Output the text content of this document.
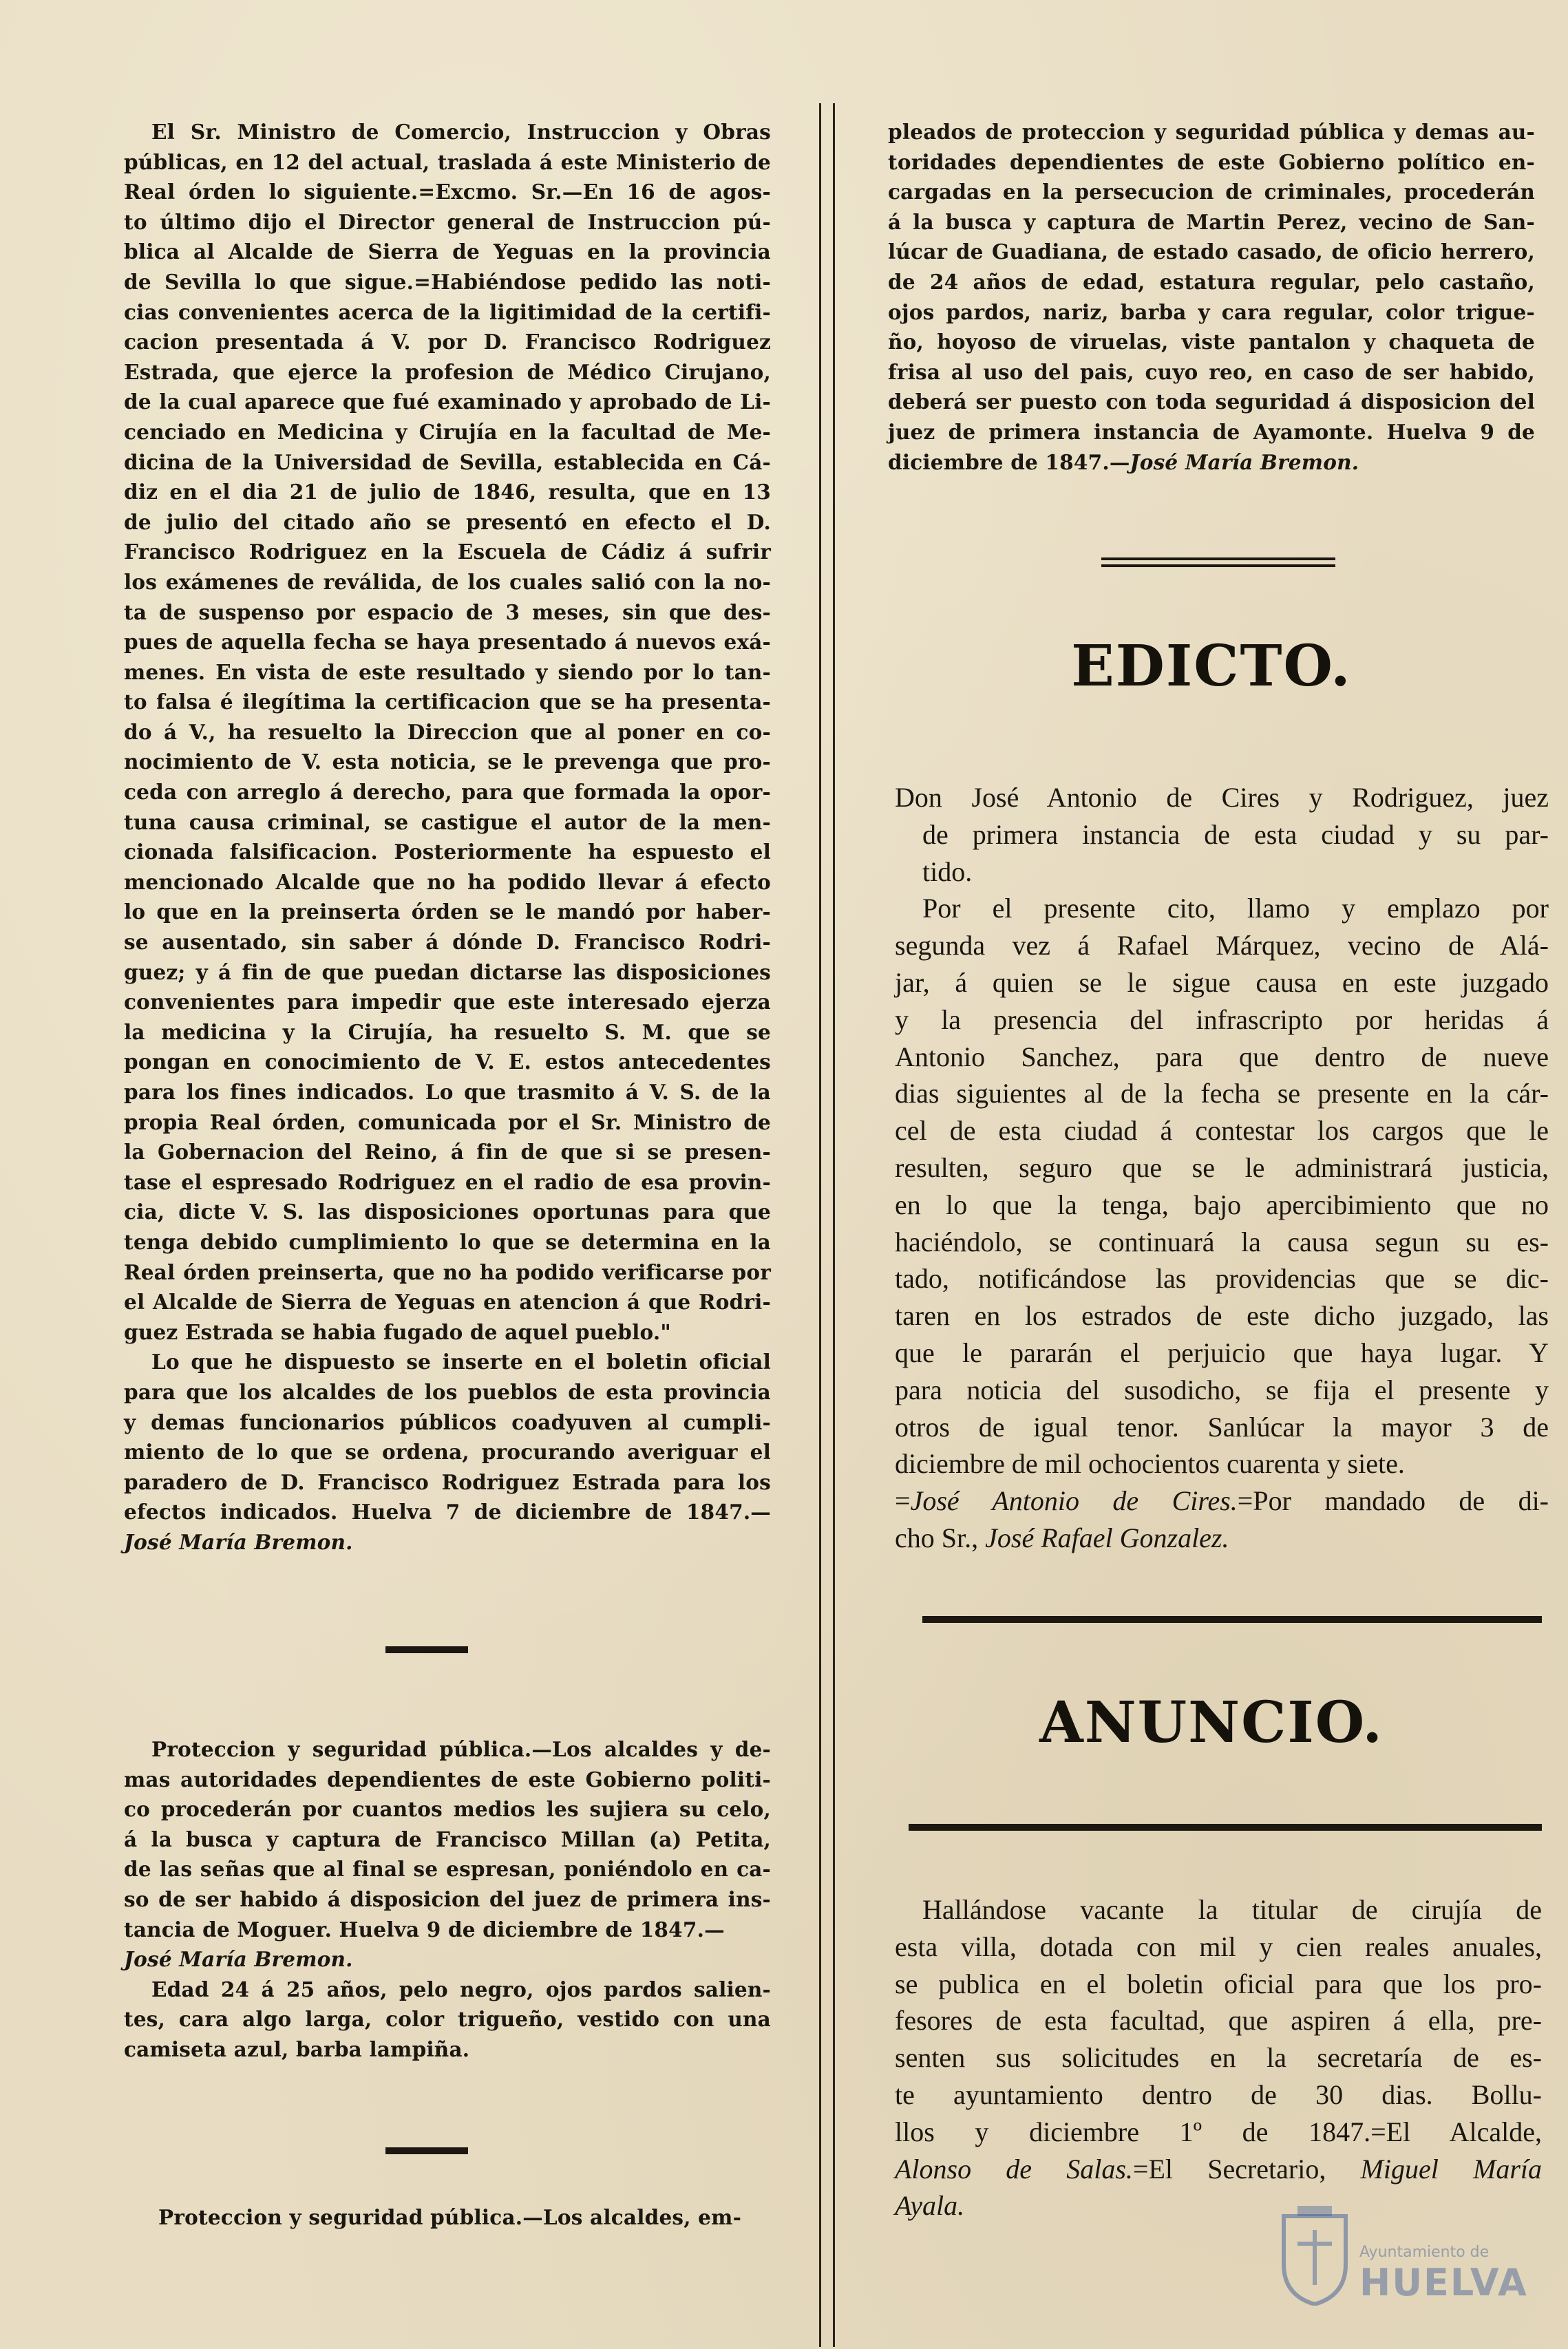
El Sr. Ministro de Comercio, Instruccion y Obras
públicas, en 12 del actual, traslada á este Ministerio de
Real órden lo siguiente.=Excmo. Sr.—En 16 de agos-
to último dijo el Director general de Instruccion pú-
blica al Alcalde de Sierra de Yeguas en la provincia
de Sevilla lo que sigue.=Habiéndose pedido las noti-
cias convenientes acerca de la ligitimidad de la certifi-
cacion presentada á V. por D. Francisco Rodriguez
Estrada, que ejerce la profesion de Médico Cirujano,
de la cual aparece que fué examinado y aprobado de Li-
cenciado en Medicina y Cirujía en la facultad de Me-
dicina de la Universidad de Sevilla, establecida en Cá-
diz en el dia 21 de julio de 1846, resulta, que en 13
de julio del citado año se presentó en efecto el D.
Francisco Rodriguez en la Escuela de Cádiz á sufrir
los exámenes de reválida, de los cuales salió con la no-
ta de suspenso por espacio de 3 meses, sin que des-
pues de aquella fecha se haya presentado á nuevos exá-
menes. En vista de este resultado y siendo por lo tan-
to falsa é ilegítima la certificacion que se ha presenta-
do á V., ha resuelto la Direccion que al poner en co-
nocimiento de V. esta noticia, se le prevenga que pro-
ceda con arreglo á derecho, para que formada la opor-
tuna causa criminal, se castigue el autor de la men-
cionada falsificacion. Posteriormente ha espuesto el
mencionado Alcalde que no ha podido llevar á efecto
lo que en la preinserta órden se le mandó por haber-
se ausentado, sin saber á dónde D. Francisco Rodri-
guez; y á fin de que puedan dictarse las disposiciones
convenientes para impedir que este interesado ejerza
la medicina y la Cirujía, ha resuelto S. M. que se
pongan en conocimiento de V. E. estos antecedentes
para los fines indicados. Lo que trasmito á V. S. de la
propia Real órden, comunicada por el Sr. Ministro de
la Gobernacion del Reino, á fin de que si se presen-
tase el espresado Rodriguez en el radio de esa provin-
cia, dicte V. S. las disposiciones oportunas para que
tenga debido cumplimiento lo que se determina en la
Real órden preinserta, que no ha podido verificarse por
el Alcalde de Sierra de Yeguas en atencion á que Rodri-
guez Estrada se habia fugado de aquel pueblo."
Lo que he dispuesto se inserte en el boletin oficial
para que los alcaldes de los pueblos de esta provincia
y demas funcionarios públicos coadyuven al cumpli-
miento de lo que se ordena, procurando averiguar el
paradero de D. Francisco Rodriguez Estrada para los
efectos indicados. Huelva 7 de diciembre de 1847.—
José María Bremon.
Proteccion y seguridad pública.—Los alcaldes y de-
mas autoridades dependientes de este Gobierno politi-
co procederán por cuantos medios les sujiera su celo,
á la busca y captura de Francisco Millan (a) Petita,
de las señas que al final se espresan, poniéndolo en ca-
so de ser habido á disposicion del juez de primera ins-
tancia de Moguer. Huelva 9 de diciembre de 1847.—
José María Bremon.
Edad 24 á 25 años, pelo negro, ojos pardos salien-
tes, cara algo larga, color trigueño, vestido con una
camiseta azul, barba lampiña.

Proteccion y seguridad pública.—Los alcaldes, em-

pleados de proteccion y seguridad pública y demas au-
toridades dependientes de este Gobierno político en-
cargadas en la persecucion de criminales, procederán
á la busca y captura de Martin Perez, vecino de San-
lúcar de Guadiana, de estado casado, de oficio herrero,
de 24 años de edad, estatura regular, pelo castaño,
ojos pardos, nariz, barba y cara regular, color trigue-
ño, hoyoso de viruelas, viste pantalon y chaqueta de
frisa al uso del pais, cuyo reo, en caso de ser habido,
deberá ser puesto con toda seguridad á disposicion del
juez de primera instancia de Ayamonte. Huelva 9 de
diciembre de 1847.—José María Bremon.
EDICTO.
Don José Antonio de Cires y Rodriguez, juez
de primera instancia de esta ciudad y su par-
tido.
Por el presente cito, llamo y emplazo por
segunda vez á Rafael Márquez, vecino de Alá-
jar, á quien se le sigue causa en este juzgado
y la presencia del infrascripto por heridas á
Antonio Sanchez, para que dentro de nueve
dias siguientes al de la fecha se presente en la cár-
cel de esta ciudad á contestar los cargos que le
resulten, seguro que se le administrará justicia,
en lo que la tenga, bajo apercibimiento que no
haciéndolo, se continuará la causa segun su es-
tado, notificándose las providencias que se dic-
taren en los estrados de este dicho juzgado, las
que le pararán el perjuicio que haya lugar. Y
para noticia del susodicho, se fija el presente y
otros de igual tenor. Sanlúcar la mayor 3 de
diciembre de mil ochocientos cuarenta y siete.
=José Antonio de Cires.=Por mandado de di-
cho Sr., José Rafael Gonzalez.
ANUNCIO.
Hallándose vacante la titular de cirujía de
esta villa, dotada con mil y cien reales anuales,
se publica en el boletin oficial para que los pro-
fesores de esta facultad, que aspiren á ella, pre-
senten sus solicitudes en la secretaría de es-
te ayuntamiento dentro de 30 dias. Bollu-
llos y diciembre 1º de 1847.=El Alcalde,
Alonso de Salas.=El Secretario, Miguel María
Ayala.
Ayuntamiento de
HUELVA
